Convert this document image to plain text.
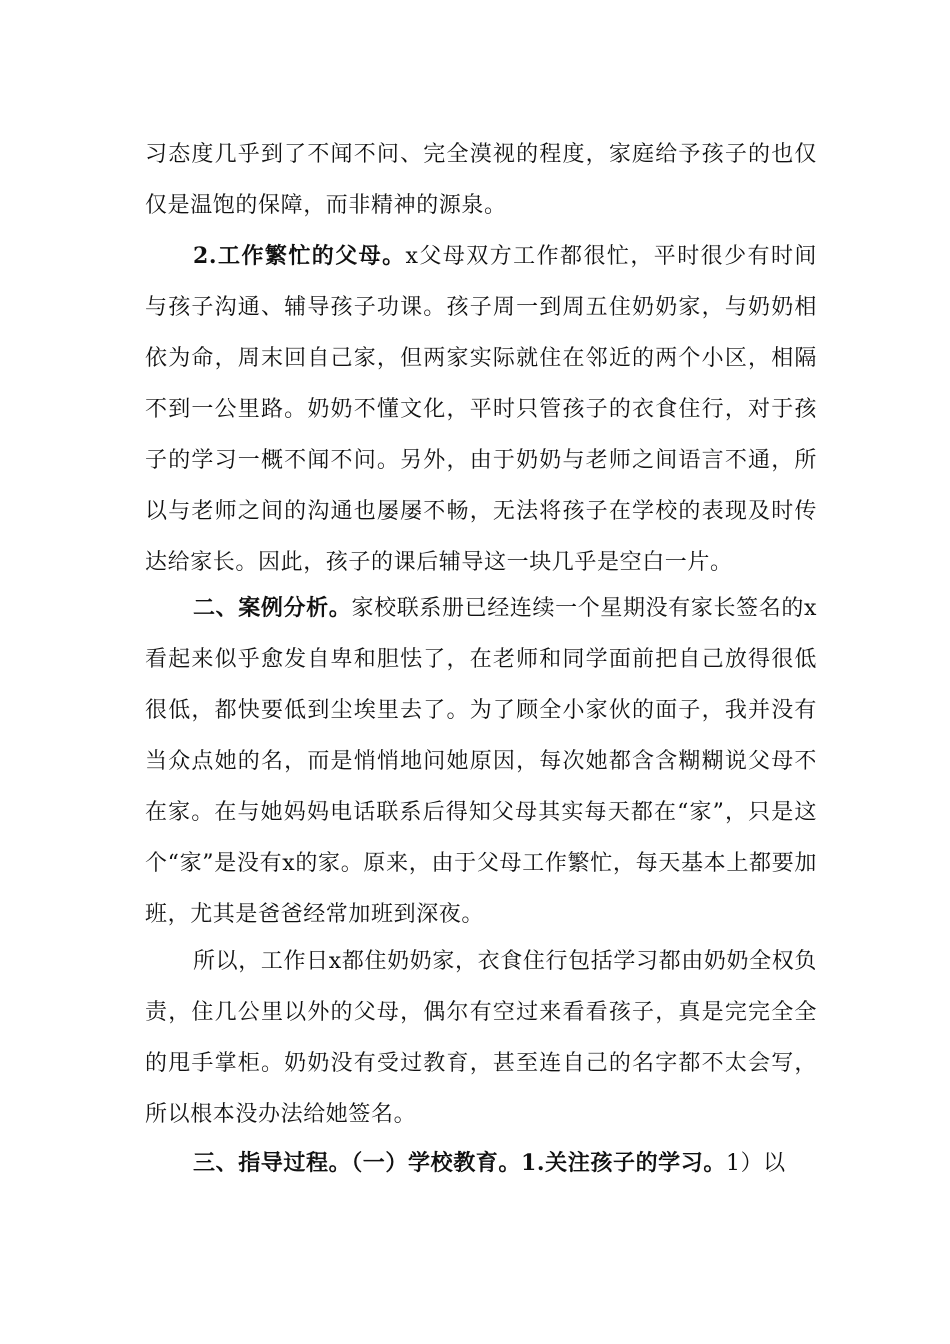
习态度几乎到了不闻不问、完全漠视的程度，家庭给予孩子的也仅仅是温饱的保障，而非精神的源泉。
2.工作繁忙的父母。x父母双方工作都很忙，平时很少有时间与孩子沟通、辅导孩子功课。孩子周一到周五住奶奶家，与奶奶相依为命，周末回自己家，但两家实际就住在邻近的两个小区，相隔不到一公里路。奶奶不懂文化，平时只管孩子的衣食住行，对于孩子的学习一概不闻不问。另外，由于奶奶与老师之间语言不通，所以与老师之间的沟通也屡屡不畅，无法将孩子在学校的表现及时传达给家长。因此，孩子的课后辅导这一块几乎是空白一片。
二、案例分析。家校联系册已经连续一个星期没有家长签名的x看起来似乎愈发自卑和胆怯了，在老师和同学面前把自己放得很低很低，都快要低到尘埃里去了。为了顾全小家伙的面子，我并没有当众点她的名，而是悄悄地问她原因，每次她都含含糊糊说父母不在家。在与她妈妈电话联系后得知父母其实每天都在“家”，只是这个“家”是没有x的家。原来，由于父母工作繁忙，每天基本上都要加班，尤其是爸爸经常加班到深夜。
所以，工作日x都住奶奶家，衣食住行包括学习都由奶奶全权负责，住几公里以外的父母，偶尔有空过来看看孩子，真是完完全全的甩手掌柜。奶奶没有受过教育，甚至连自己的名字都不太会写，所以根本没办法给她签名。
三、指导过程。（一）学校教育。1.关注孩子的学习。1）以
